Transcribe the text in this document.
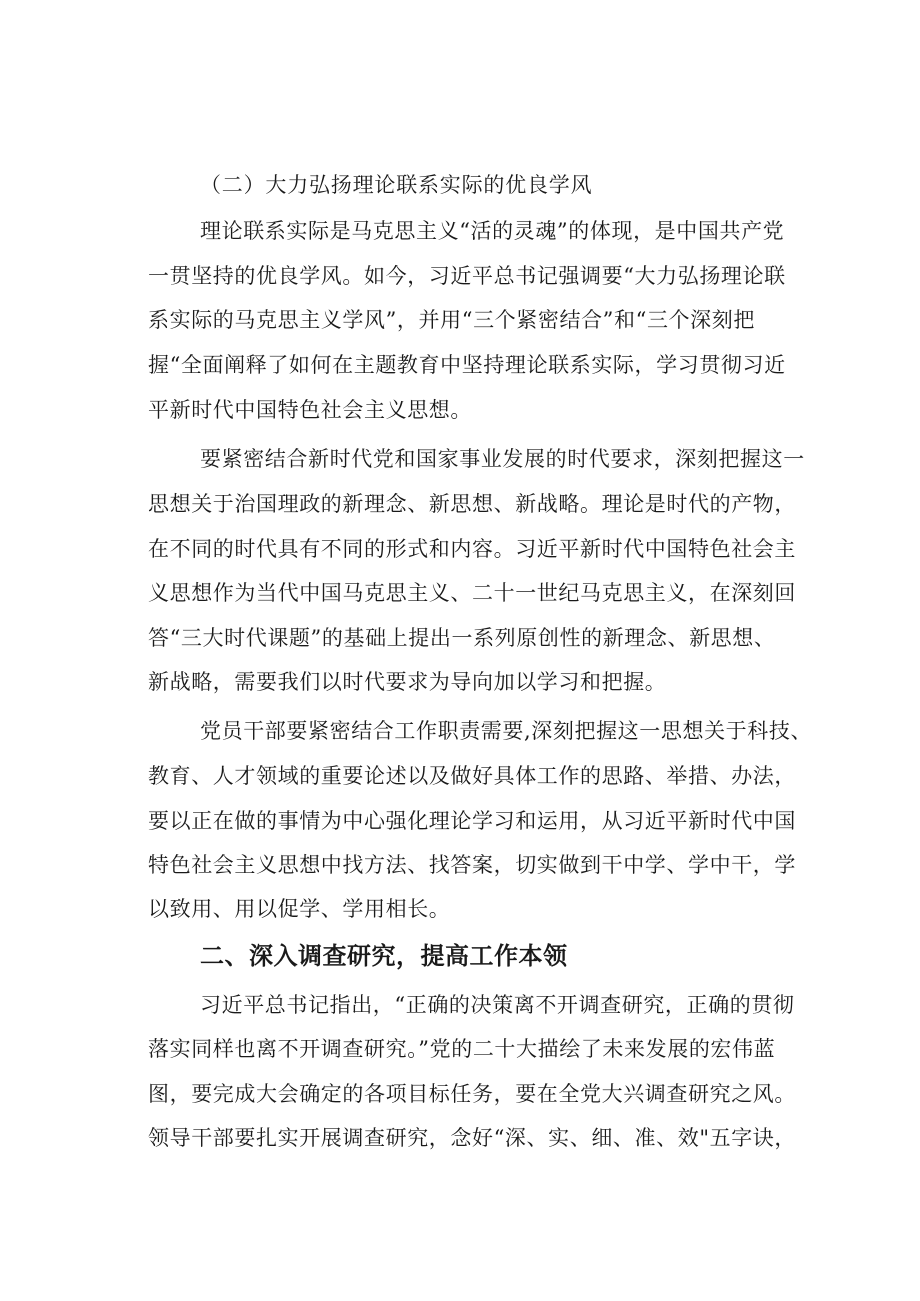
（二）大力弘扬理论联系实际的优良学风
理论联系实际是马克思主义“活的灵魂”的体现，是中国共产党
一贯坚持的优良学风。如今，习近平总书记强调要“大力弘扬理论联
系实际的马克思主义学风”，并用“三个紧密结合”和“三个深刻把
握“全面阐释了如何在主题教育中坚持理论联系实际，学习贯彻习近
平新时代中国特色社会主义思想。
要紧密结合新时代党和国家事业发展的时代要求，深刻把握这一
思想关于治国理政的新理念、新思想、新战略。理论是时代的产物，
在不同的时代具有不同的形式和内容。习近平新时代中国特色社会主
义思想作为当代中国马克思主义、二十一世纪马克思主义，在深刻回
答“三大时代课题”的基础上提出一系列原创性的新理念、新思想、
新战略，需要我们以时代要求为导向加以学习和把握。
党员干部要紧密结合工作职责需要,深刻把握这一思想关于科技、
教育、人才领域的重要论述以及做好具体工作的思路、举措、办法，
要以正在做的事情为中心强化理论学习和运用，从习近平新时代中国
特色社会主义思想中找方法、找答案，切实做到干中学、学中干，学
以致用、用以促学、学用相长。
二、深入调查研究，提高工作本领
习近平总书记指出，“正确的决策离不开调查研究，正确的贯彻
落实同样也离不开调查研究。”党的二十大描绘了未来发展的宏伟蓝
图，要完成大会确定的各项目标任务，要在全党大兴调查研究之风。
领导干部要扎实开展调查研究，念好“深、实、细、准、效"五字诀，
